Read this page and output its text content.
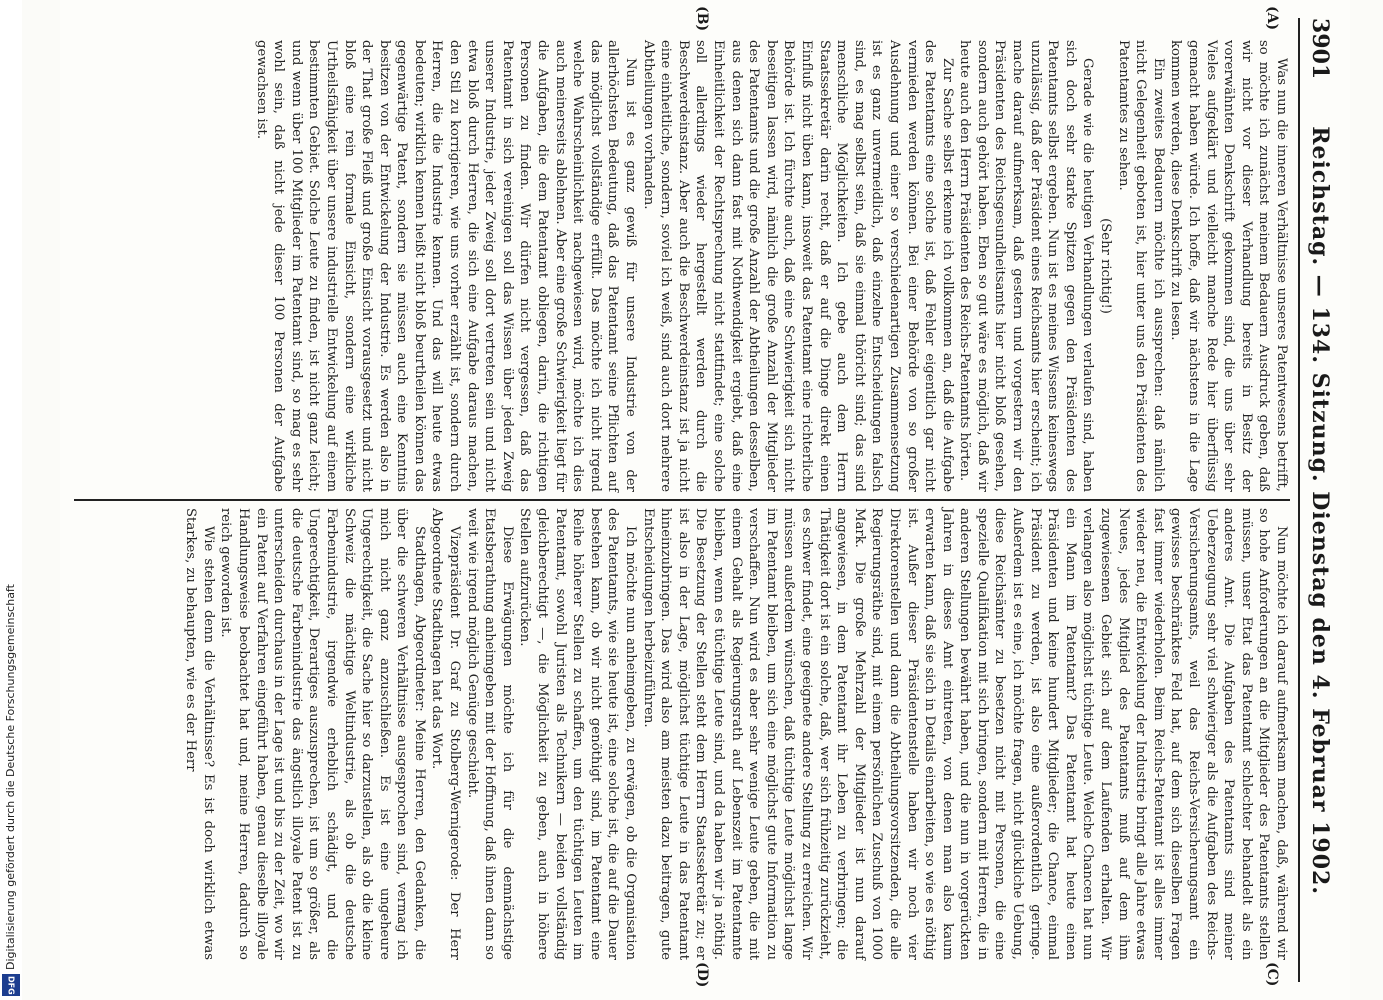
3901
Reichstag. — 134. Sitzung. Dienstag den 4. Februar 1902.
(A)
(B)
(C)
(D)

Was nun die inneren Verhältnisse unseres Patentwesens betrifft, so möchte ich zunächst meinem Bedauern Ausdruck geben, daß wir nicht vor dieser Verhandlung bereits in Besitz der vorerwähnten Denkschrift gekommen sind, die uns über sehr Vieles aufgeklärt und vielleicht manche Rede hier überflüssig gemacht haben würde. Ich hoffe, daß wir nächstens in die Lage kommen werden, diese Denkschrift zu lesen.

Ein zweites Bedauern möchte ich aussprechen: daß nämlich nicht Gelegenheit geboten ist, hier unter uns den Präsidenten des Patentamtes zu sehen.

(Sehr richtig!)

Gerade wie die heutigen Verhandlungen verlaufen sind, haben sich doch sehr starke Spitzen gegen den Präsidenten des Patentamts selbst ergeben. Nun ist es meines Wissens keineswegs unzulässig, daß der Präsident eines Reichsamts hier erscheint; ich mache darauf aufmerksam, daß gestern und vorgestern wir den Präsidenten des Reichsgesundheitsamts hier nicht bloß gesehen, sondern auch gehört haben. Eben so gut wäre es möglich, daß wir heute auch den Herrn Präsidenten des Reichs-Patentamts hörten.

Zur Sache selbst erkenne ich vollkommen an, daß die Aufgabe des Patentamts eine solche ist, daß Fehler eigentlich gar nicht vermieden werden können. Bei einer Behörde von so großer Ausdehnung und einer so verschiedenartigen Zusammensetzung ist es ganz unvermeidlich, daß einzelne Entscheidungen falsch sind, es mag selbst sein, daß sie einmal thöricht sind; das sind menschliche Möglichkeiten. Ich gebe auch dem Herrn Staatssekretär darin recht, daß er auf die Dinge direkt einen Einfluß nicht üben kann, insoweit das Patentamt eine richterliche Behörde ist. Ich fürchte auch, daß eine Schwierigkeit sich nicht beseitigen lassen wird, nämlich die große Anzahl der Mitglieder des Patentamts und die große Anzahl der Abtheilungen desselben, aus denen sich dann fast mit Nothwendigkeit ergiebt, daß eine Einheitlichkeit der Rechtsprechung nicht stattfindet; eine solche soll allerdings wieder hergestellt werden durch die Beschwerdeinstanz. Aber auch die Beschwerdeinstanz ist ja nicht eine einheitliche, sondern, soviel ich weiß, sind auch dort mehrere Abtheilungen vorhanden.

Nun ist es ganz gewiß für unsere Industrie von der allerhöchsten Bedeutung, daß das Patentamt seine Pflichten auf das möglichst vollständige erfüllt. Das möchte ich nicht irgend welche Wahrscheinlichkeit nachgewiesen wird, möchte ich dies auch meinerseits ablehnen. Aber eine große Schwierigkeit liegt für die Aufgaben, die dem Patentamt obliegen, darin, die richtigen Personen zu finden. Wir dürfen nicht vergessen, daß das Patentamt in sich vereinigen soll das Wissen über jeden Zweig unserer Industrie, jeder Zweig soll dort vertreten sein und nicht etwa bloß durch Herren, die sich eine Aufgabe daraus machen, den Stil zu korrigieren, wie uns vorher erzählt ist, sondern durch Herren, die die Industrie kennen. Und das will heute etwas bedeuten; wirklich kennen heißt nicht bloß beurtheilen können das gegenwärtige Patent, sondern sie müssen auch eine Kenntnis besitzen von der Entwickelung der Industrie. Es werden also in der That große Fleiß und große Einsicht vorausgesetzt und nicht bloß eine rein formale Einsicht, sondern eine wirkliche Urtheilsfähigkeit über unsere industrielle Entwickelung auf einem bestimmten Gebiet. Solche Leute zu finden, ist nicht ganz leicht; und wenn über 100 Mitglieder im Patentamt sind, so mag es sehr wohl sein, daß nicht jede dieser 100 Personen der Aufgabe gewachsen ist.

Nun möchte ich darauf aufmerksam machen, daß, während wir so hohe Anforderungen an die Mitglieder des Patentamts stellen müssen, unser Etat das Patentamt schlechter behandelt als ein anderes Amt. Die Aufgaben des Patentamts sind meiner Ueberzeugung sehr viel schwieriger als die Aufgaben des Reichs-Versicherungsamts, weil das Reichs-Versicherungsamt ein gewisses beschränktes Feld hat, auf dem sich dieselben Fragen fast immer wiederholen. Beim Reichs-Patentamt ist alles immer wieder neu, die Entwickelung der Industrie bringt alle Jahre etwas Neues, jedes Mitglied des Patentamts muß auf dem ihm zugewiesenen Gebiet sich auf dem Laufenden erhalten. Wir verlangen also möglichst tüchtige Leute. Welche Chancen hat nun ein Mann im Patentamt? Das Patentamt hat heute einen Präsidenten und keine hundert Mitglieder; die Chance, einmal Präsident zu werden, ist also eine außerordentlich geringe. Außerdem ist es eine, ich möchte fragen, nicht glückliche Uebung, diese Reichsämter zu besetzen nicht mit Personen, die eine spezielle Qualifikation mit sich bringen, sondern mit Herren, die in anderen Stellungen bewährt haben, und die nun in vorgerückten Jahren in dieses Amt eintreten, von denen man also kaum erwarten kann, daß sie sich in Details einarbeiten, so wie es nöthig ist. Außer dieser Präsidentenstelle haben wir noch vier Direktorenstellen und dann die Abtheilungsvorsitzenden, die alle Regierungsräthe sind, mit einem persönlichen Zuschuß von 1000 Mark. Die große Mehrzahl der Mitglieder ist nun darauf angewiesen, in dem Patentamt ihr Leben zu verbringen; die Thätigkeit dort ist ein solche, daß, wer sich frühzeitig zurückzieht, es schwer findet, eine geeignete andere Stellung zu erreichen. Wir müssen außerdem wünschen, daß tüchtige Leute möglichst lange im Patentamt bleiben, um sich eine möglichst gute Information zu verschaffen. Nun wird es aber sehr wenige Leute geben, die mit einem Gehalt als Regierungsrath auf Lebenszeit im Patentamte bleiben, wenn es tüchtige Leute sind, und da haben wir ja nöthig. Die Besetzung der Stellen steht dem Herrn Staatssekretär zu; er ist also in der Lage, möglichst tüchtige Leute in das Patentamt hineinzubringen. Das wird also am meisten dazu beitragen, gute Entscheidungen herbeizuführen.

Ich möchte nun anheimgeben, zu erwägen, ob die Organisation des Patentamts, wie sie heute ist, eine solche ist, die auf die Dauer bestehen kann, ob wir nicht genöthigt sind, im Patentamt eine Reihe höherer Stellen zu schaffen, um den tüchtigen Leuten im Patentamt, sowohl Juristen als Technikern — beiden vollständig gleichberechtigt —, die Möglichkeit zu geben, auch in höhere Stellen aufzurücken.

Diese Erwägungen möchte ich für die demnächstige Etatsberathung anheimgeben mit der Hoffnung, daß ihnen dann so weit wie irgend möglich Genüge geschieht.

Vizepräsident Dr. Graf zu Stolberg-Wernigerode: Der Herr Abgeordnete Stadthagen hat das Wort.

Stadthagen, Abgeordneter: Meine Herren, den Gedanken, die über die schweren Verhältnisse ausgesprochen sind, vermag ich mich nicht ganz anzuschließen. Es ist eine ungeheure Ungerechtigkeit, die Sache hier so darzustellen, als ob die kleine Schweiz die mächtige Weltindustrie, als ob die deutsche Farbenindustrie, irgendwie erheblich schädigt, und die Ungerechtigkeit, Derartiges auszusprechen, ist um so größer, als die deutsche Farbenindustrie das ängstlich illoyale Patent ist zu unterscheiden durchaus in der Lage ist und bis zu der Zeit, wo wir ein Patent auf Verfahren eingeführt haben, genau dieselbe illoyale Handlungsweise beobachtet hat und, meine Herren, dadurch so reich geworden ist.

Wie stehen denn die Verhältnisse? Es ist doch wirklich etwas Starkes, zu behaupten, wie es der Herr

Digitalisierung gefördert durch die Deutsche Forschungsgemeinschaft
DFG
